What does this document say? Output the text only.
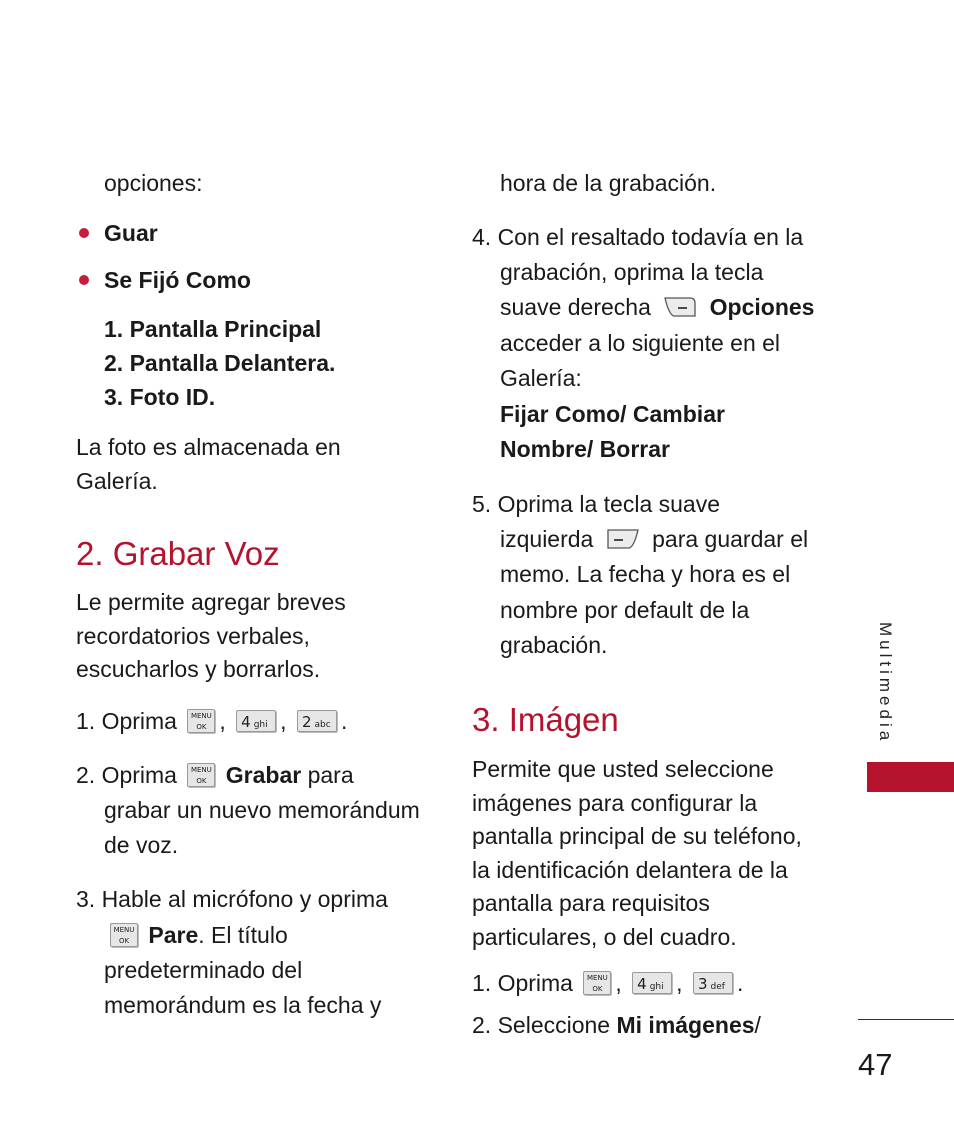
opciones:
Guar
Se Fijó Como
1. Pantalla Principal
2. Pantalla Delantera.
3. Foto ID.
La foto es almacenada en
Galería.
2. Grabar Voz
Le permite agregar breves
recordatorios verbales,
escucharlos y borrarlos.
1. Oprima	MENU
OK , 4 ghi , 2 abc .
2. Oprima	MENU
OK Grabar para
grabar un nuevo memorándum
de voz.
3. Hable al micrófono y oprima
MENU
OK Pare. El título
predeterminado del
memorándum es la fecha y
hora de la grabación.
4. Con el resaltado todavía en la
grabación, oprima la tecla
suave derecha	Opciones
acceder a lo siguiente en el
Galería:
Fijar Como/ Cambiar
Nombre/ Borrar
5. Oprima la tecla suave
izquierda	para guardar el
memo. La fecha y hora es el
nombre por default de la
grabación.
3. Imágen
Permite que usted seleccione
imágenes para configurar la
pantalla principal de su teléfono,
la identificación delantera de la
pantalla para requisitos
particulares, o del cuadro.
1. Oprima	MENU
OK , 4 ghi , 3 def .
2. Seleccione Mi imágenes/
Multimedia
47
